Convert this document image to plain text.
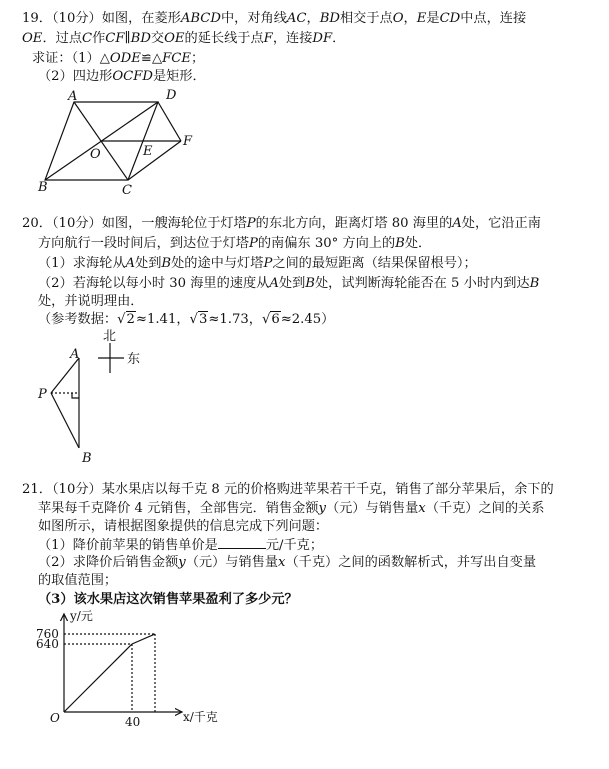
19．（10分）如图，在菱形ABCD中，对角线AC，BD相交于点O，E是CD中点，连接
OE．过点C作CF∥BD交OE的延长线于点F，连接DF．
求证：（1）△ODE≌△FCE；
（2）四边形OCFD是矩形．
A	D
B	C
O	E
F
20．（10分）如图，一艘海轮位于灯塔P的东北方向，距离灯塔 80 海里的A处，它沿正南
方向航行一段时间后，到达位于灯塔P的南偏东 30° 方向上的B处．
（1）求海轮从A处到B处的途中与灯塔P之间的最短距离（结果保留根号）；
（2）若海轮以每小时 30 海里的速度从A处到B处，试判断海轮能否在 5 小时内到达B
处，并说明理由．
（参考数据：√2≈1.41，√3≈1.73，√6≈2.45）
北
东
A
P
B
21．（10分）某水果店以每千克 8 元的价格购进苹果若干千克，销售了部分苹果后，余下的
苹果每千克降价 4 元销售，全部售完．销售金额y（元）与销售量x（千克）之间的关系
如图所示，请根据图象提供的信息完成下列问题：
（1）降价前苹果的销售单价是	元/千克；
（2）求降价后销售金额y（元）与销售量x（千克）之间的函数解析式，并写出自变量
的取值范围；
（3）该水果店这次销售苹果盈利了多少元？
y/元
x/千克
O
760
640
40
